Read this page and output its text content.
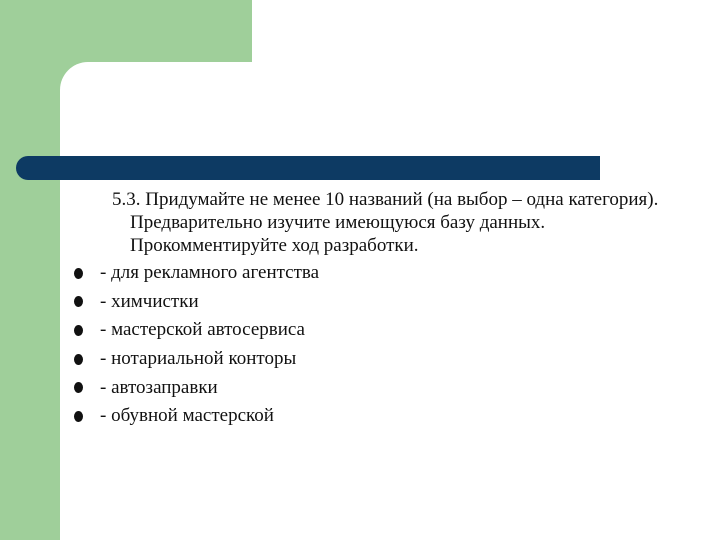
5.3. Придумайте не менее 10 названий (на выбор – одна категория). Предварительно изучите имеющуюся базу данных. Прокомментируйте ход разработки.

- для рекламного агентства
- химчистки
- мастерской автосервиса
- нотариальной конторы
- автозаправки
- обувной мастерской
